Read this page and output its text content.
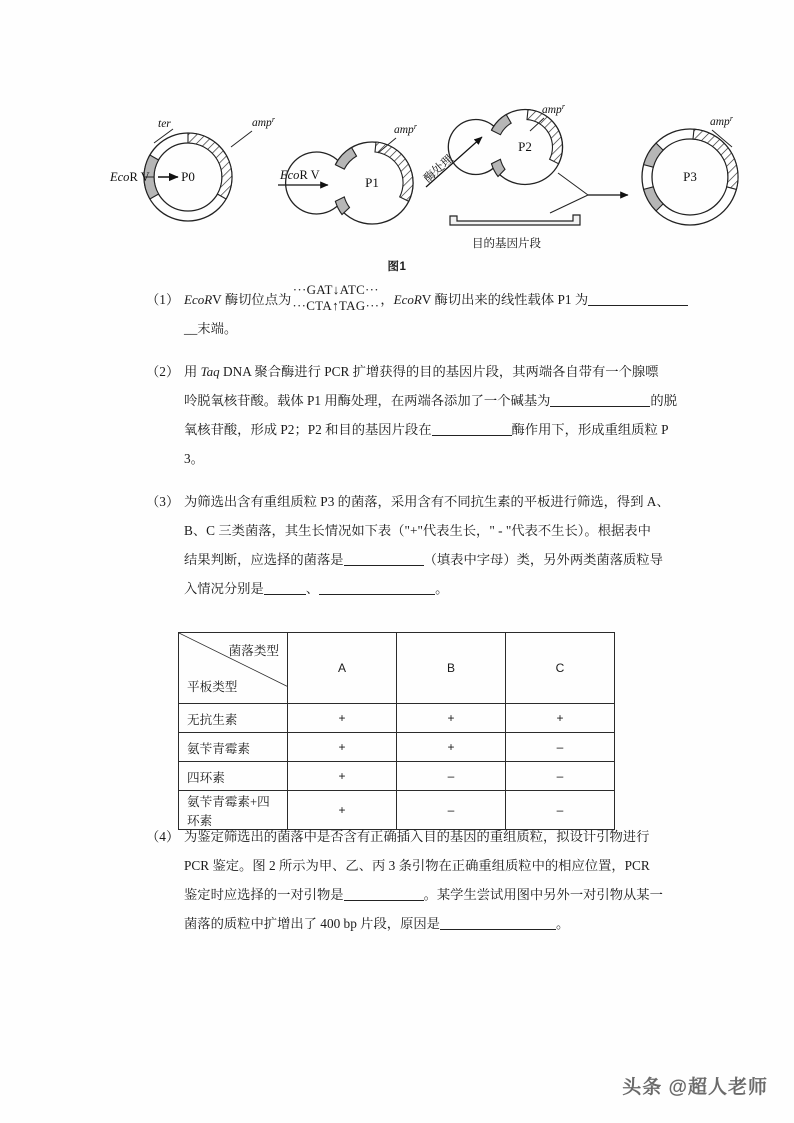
P0
ter	amp$^r$
EcoR V	EcoR V	P1
amp$^r$
酶处理
P2
amp$^r$
目的基因片段
P3
amp$^r$
图1
（1） EcoRV 酶切位点为
···GAT↓ATC···
···CTA↑TAG··· ，EcoRV 酶切出来的线性载体 P1 为
__末端。
（2） 用 Taq DNA 聚合酶进行 PCR 扩增获得的目的基因片段，其两端各自带有一个腺嘌
呤脱氧核苷酸。载体 P1 用酶处理，在两端各添加了一个碱基为	的脱
氧核苷酸，形成 P2；P2 和目的基因片段在	酶作用下，形成重组质粒 P
3。
（3） 为筛选出含有重组质粒 P3 的菌落，采用含有不同抗生素的平板进行筛选，得到 A、
B、C 三类菌落，其生长情况如下表（"+"代表生长，" - "代表不生长）。根据表中
结果判断，应选择的菌落是	（填表中字母）类，另外两类菌落质粒导
入情况分别是	、	。
菌落类型
平板类型	A	B	C
无抗生素	+	+	+
氨苄青霉素	+	+	–
四环素	+	–	–
氨苄青霉素+四环素	+	–	–
（4） 为鉴定筛选出的菌落中是否含有正确插入目的基因的重组质粒，拟设计引物进行
PCR 鉴定。图 2 所示为甲、乙、丙 3 条引物在正确重组质粒中的相应位置，PCR
鉴定时应选择的一对引物是	。某学生尝试用图中另外一对引物从某一
菌落的质粒中扩增出了 400 bp 片段，原因是	。
头条 @超人老师
